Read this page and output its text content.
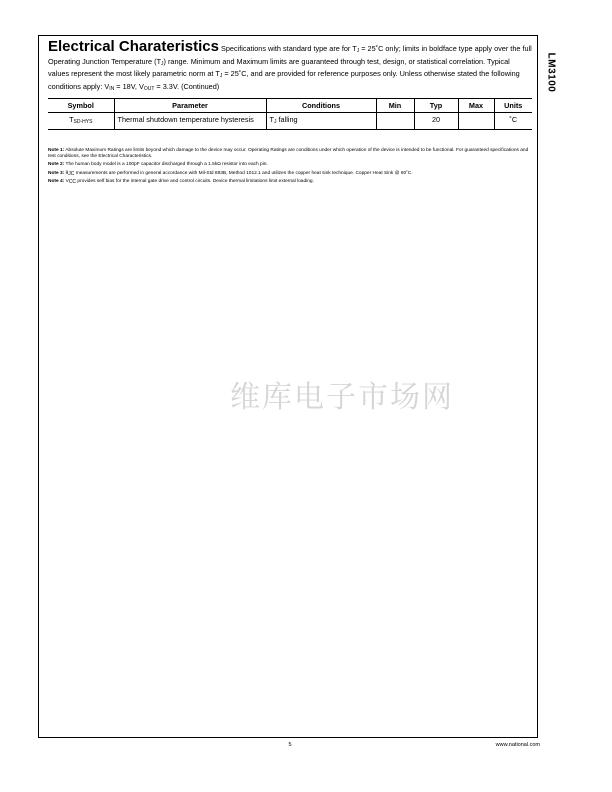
LM3100
Electrical Charateristics Specifications with standard type are for $T_J$ = 25˚C only; limits in boldface type apply over the full Operating Junction Temperature $(T_J)$ range. Minimum and Maximum limits are guaranteed through test, design, or statistical correlation. Typical values represent the most likely parametric norm at $T_J$ = 25˚C, and are provided for reference purposes only. Unless otherwise stated the following conditions apply: $V_{IN} = 18V$, $V_{OUT} = 3.3V$. (Continued)
Symbol	Parameter	Conditions	Min	Typ	Max	Units
$T_{SD-HYS}$	Thermal shutdown temperature hysteresis	$T_J$ falling		20		˚C

Note 1: Absolute Maximum Ratings are limits beyond which damage to the device may occur. Operating Ratings are conditions under which operation of the device is intended to be functional. For guaranteed specifications and test conditions, see the Electrical Characteristics.

Note 2: The human body model is a 100pF capacitor discharged through a 1.5kΩ resistor into each pin.

Note 3: $\theta_{JC}$ measurements are performed in general accordance with Mil-Std 883B, Method 1012.1 and utilizes the copper heat sink technique. Copper Heat Sink @ 60˚C.

Note 4: $V_{CC}$ provides self bias for the internal gate drive and control circuits. Device thermal limitations limit external loading.

维库电子市场网
5	www.national.com
